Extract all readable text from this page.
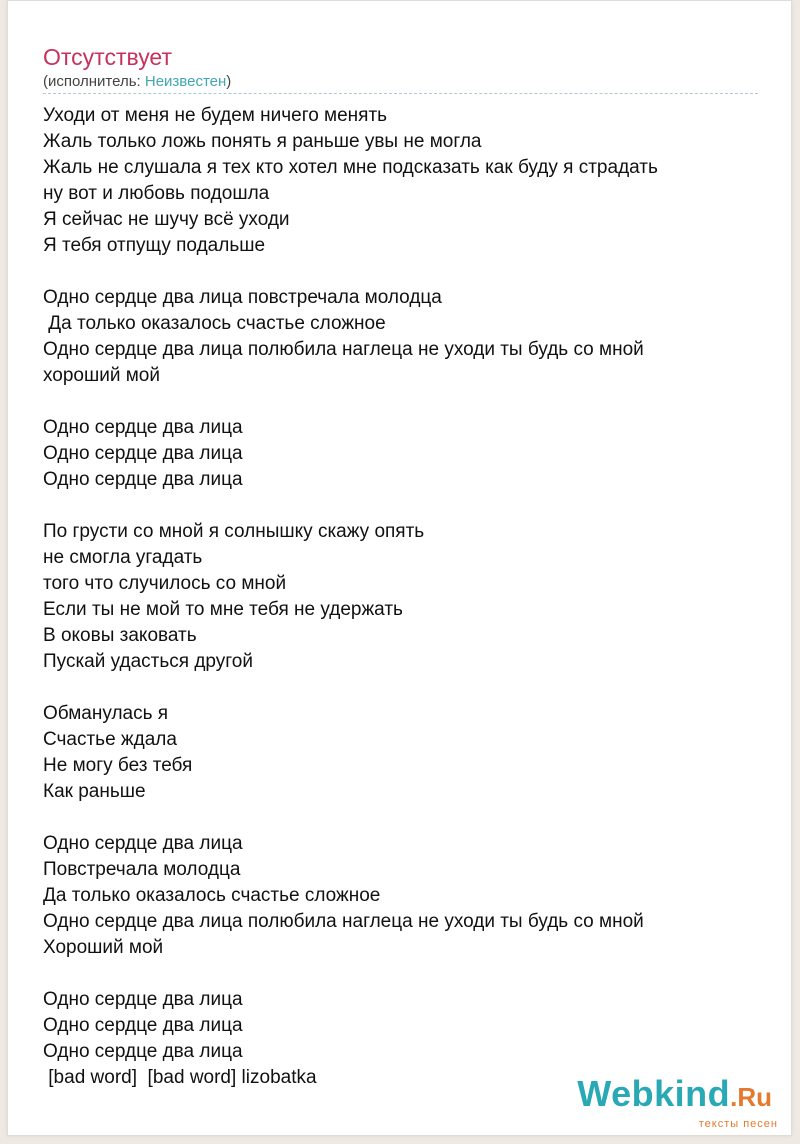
Отсутствует
(исполнитель: Неизвестен)
Уходи от меня не будем ничего менять
Жаль только ложь понять я раньше увы не могла
Жаль не слушала я тех кто хотел мне подсказать как буду я страдать
ну вот и любовь подошла
Я сейчас не шучу всё уходи
Я тебя отпущу подальше
Одно сердце два лица повстречала молодца
Да только оказалось счастье сложное
Одно сердце два лица полюбила наглеца не уходи ты будь со мной
хороший мой
Одно сердце два лица
Одно сердце два лица
Одно сердце два лица
По грусти со мной я солнышку скажу опять
не смогла угадать
того что случилось со мной
Если ты не мой то мне тебя не удержать
В оковы заковать
Пускай удасться другой
Обманулась я
Счастье ждала
Не могу без тебя
Как раньше
Одно сердце два лица
Повстречала молодца
Да только оказалось счастье сложное
Одно сердце два лица полюбила наглеца не уходи ты будь со мной
Хороший мой
Одно сердце два лица
Одно сердце два лица
Одно сердце два лица
[bad word]  [bad word] lizobatka	Webkind.Ru
тексты песен
